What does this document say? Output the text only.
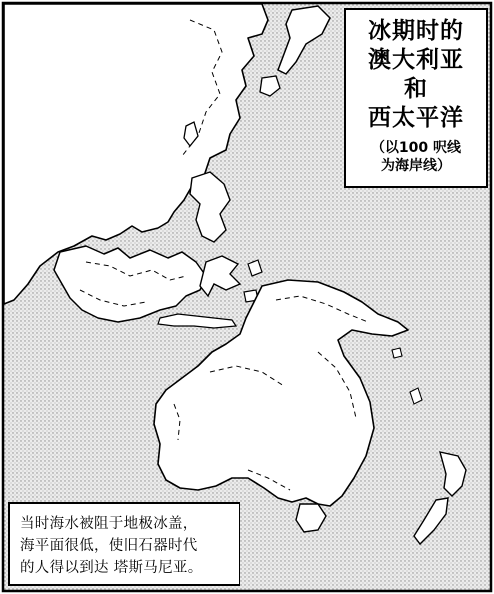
冰期时的
澳大利亚
和
西太平洋
（以100 呎线
为海岸线）
当时海水被阻于地极冰盖，
海平面很低，使旧石器时代
的人得以到达 塔斯马尼亚。
